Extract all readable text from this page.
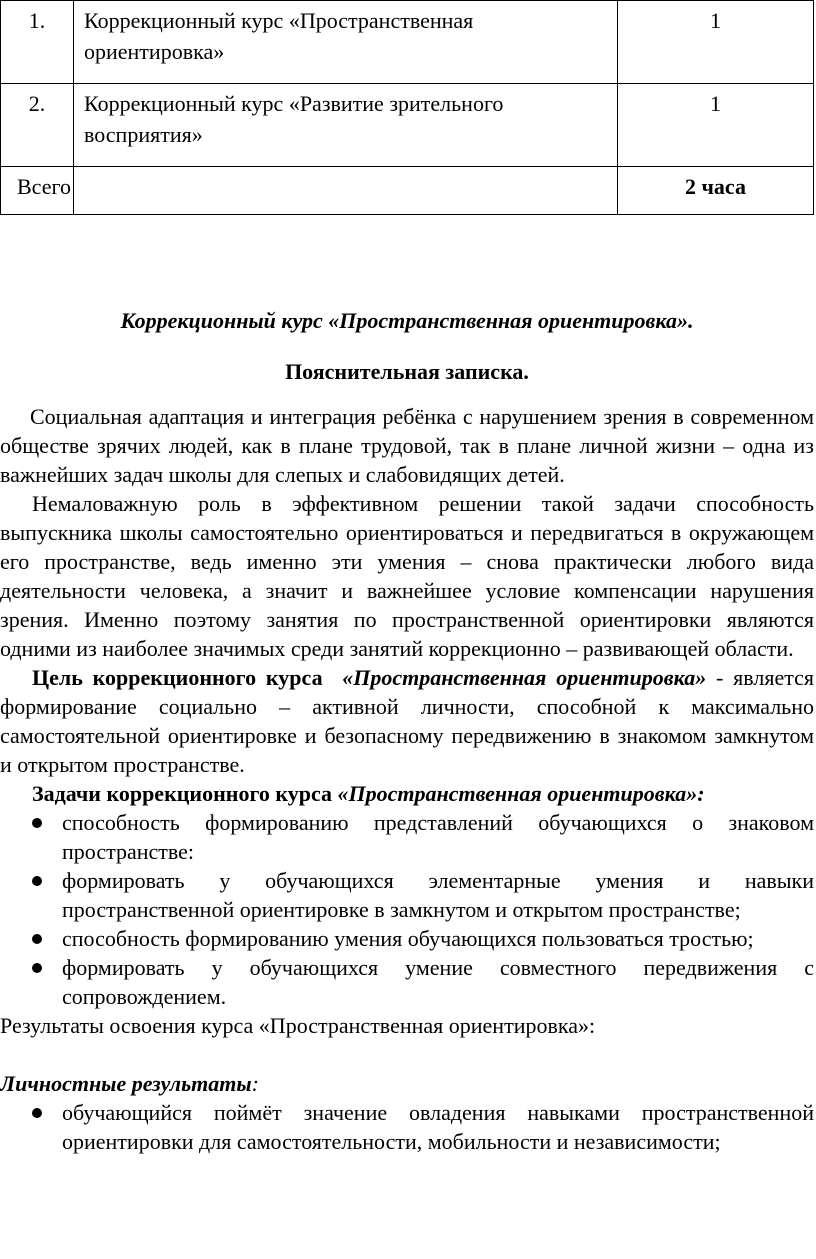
1.	Коррекционный курс «Пространственная ориентировка»	1
2.	Коррекционный курс «Развитие зрительного восприятия»	1
Всего		2 часа

Коррекционный курс «Пространственная ориентировка».

Пояснительная записка.

Социальная адаптация и интеграция ребёнка с нарушением зрения в современном обществе зрячих людей, как в плане трудовой, так в плане личной жизни – одна из важнейших задач школы для слепых и слабовидящих детей.

Немаловажную роль в эффективном решении такой задачи способность выпускника школы самостоятельно ориентироваться и передвигаться в окружающем его пространстве, ведь именно эти умения – снова практически любого вида деятельности человека, а значит и важнейшее условие компенсации нарушения зрения. Именно поэтому занятия по пространственной ориентировки являются одними из наиболее значимых среди занятий коррекционно – развивающей области.

Цель коррекционного курса «Пространственная ориентировка» - является формирование социально – активной личности, способной к максимально самостоятельной ориентировке и безопасному передвижению в знакомом замкнутом и открытом пространстве.

Задачи коррекционного курса «Пространственная ориентировка»:

способность формированию представлений обучающихся о знаковом пространстве:
формировать у обучающихся элементарные умения и навыки пространственной ориентировке в замкнутом и открытом пространстве;
способность формированию умения обучающихся пользоваться тростью;
формировать у обучающихся умение совместного передвижения с сопровождением.

Результаты освоения курса «Пространственная ориентировка»:

Личностные результаты:

обучающийся поймёт значение овладения навыками пространственной ориентировки для самостоятельности, мобильности и независимости;
